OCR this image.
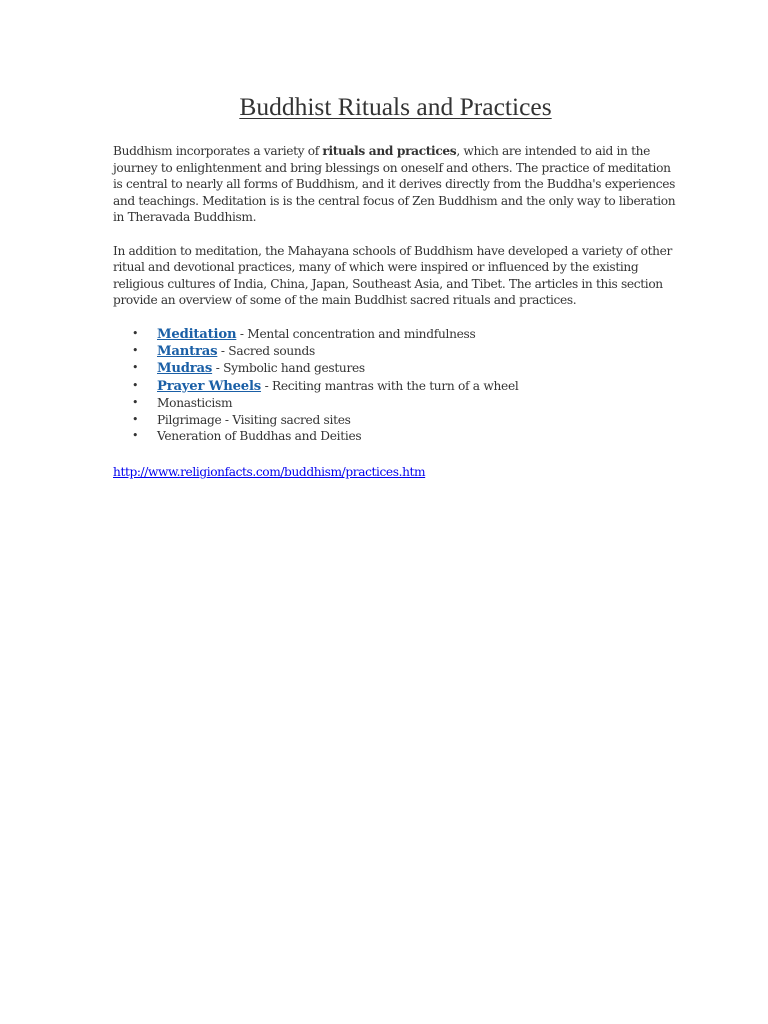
Buddhist Rituals and Practices

Buddhism incorporates a variety of rituals and practices, which are intended to aid in the journey to enlightenment and bring blessings on oneself and others. The practice of meditation is central to nearly all forms of Buddhism, and it derives directly from the Buddha's experiences and teachings. Meditation is is the central focus of Zen Buddhism and the only way to liberation in Theravada Buddhism.

In addition to meditation, the Mahayana schools of Buddhism have developed a variety of other ritual and devotional practices, many of which were inspired or influenced by the existing religious cultures of India, China, Japan, Southeast Asia, and Tibet. The articles in this section provide an overview of some of the main Buddhist sacred rituals and practices.

• Meditation - Mental concentration and mindfulness
• Mantras - Sacred sounds
• Mudras - Symbolic hand gestures
• Prayer Wheels - Reciting mantras with the turn of a wheel
• Monasticism
• Pilgrimage - Visiting sacred sites
• Veneration of Buddhas and Deities
http://www.religionfacts.com/buddhism/practices.htm
